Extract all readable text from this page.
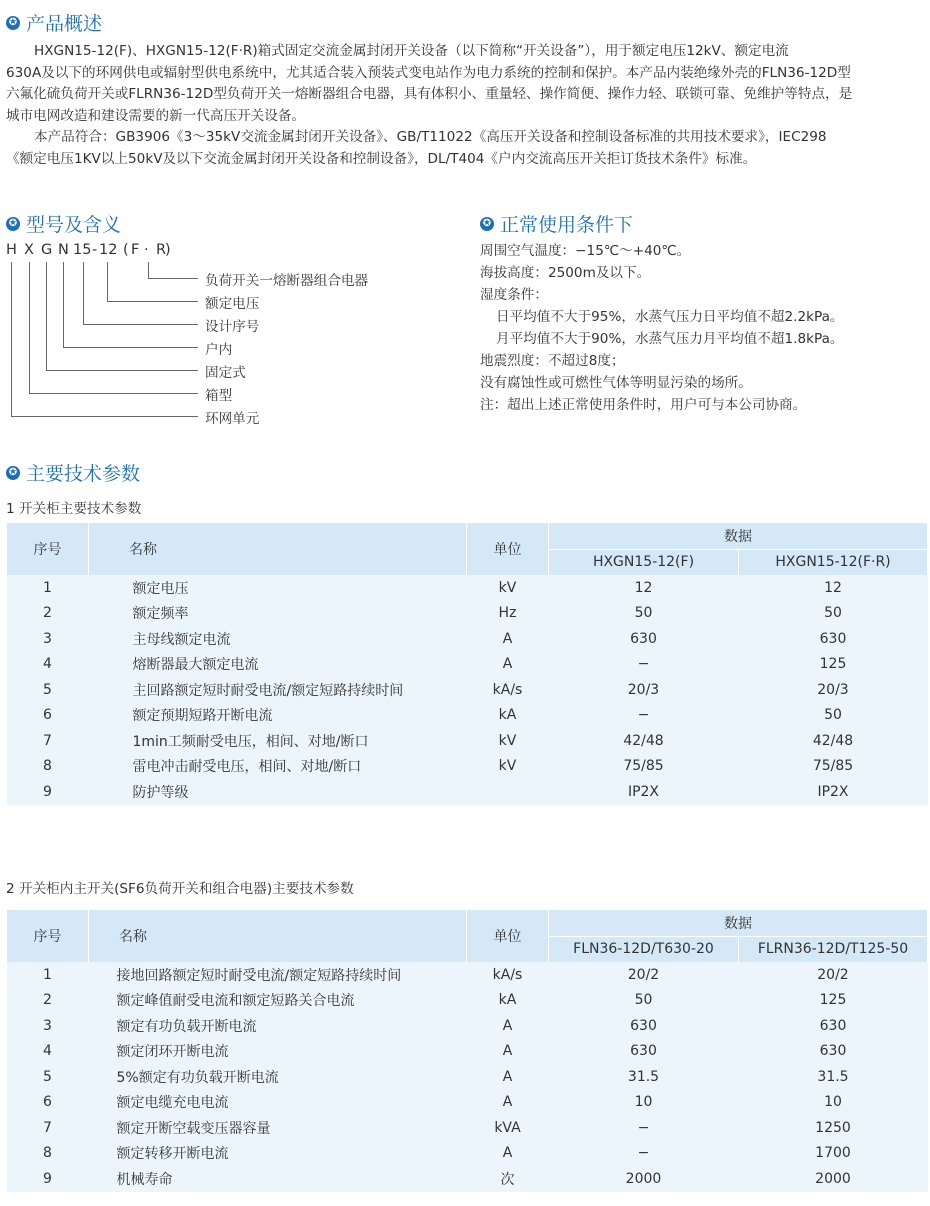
✪ 产品概述
HXGN15-12(F)、HXGN15-12(F·R)箱式固定交流金属封闭开关设备（以下简称“开关设备”），用于额定电压12kV、额定电流
630A及以下的环网供电或辐射型供电系统中，尤其适合装入预装式变电站作为电力系统的控制和保护。本产品内装绝缘外壳的FLN36-12D型
六氟化硫负荷开关或FLRN36-12D型负荷开关一熔断器组合电器，具有体积小、重量轻、操作简便、操作力轻、联锁可靠、免维护等特点，是
城市电网改造和建设需要的新一代高压开关设备。
本产品符合：GB3906《3～35kV交流金属封闭开关设备》、GB/T11022《高压开关设备和控制设备标准的共用技术要求》，IEC298
《额定电压1KV以上50kV及以下交流金属封闭开关设备和控制设备》，DL/T404《户内交流高压开关拒订货技术条件》标准。
✪ 型号及含义
H X G N 15 - 12 ( F · R
)
负荷开关一熔断器组合电器
额定电压
设计序号
户内
固定式
箱型
环网单元
✪ 正常使用条件下
周围空气温度：−15℃～+40℃。
海拔高度：2500m及以下。
湿度条件：
日平均值不大于95%，水蒸气压力日平均值不超2.2kPa。
月平均值不大于90%，水蒸气压力月平均值不超1.8kPa。
地震烈度：不超过8度；
没有腐蚀性或可燃性气体等明显污染的场所。
注：超出上述正常使用条件时，用户可与本公司协商。
✪ 主要技术参数
1 开关柜主要技术参数
序号	名称	单位	数据	
			HXGN15-12(F)	HXGN15-12(F·R)
1	额定电压	kV	12	12
2	额定频率	Hz	50	50
3	主母线额定电流	A	630	630
4	熔断器最大额定电流	A	−	125
5	主回路额定短时耐受电流/额定短路持续时间	kA/s	20/3	20/3
6	额定预期短路开断电流	kA	−	50
7	1min工频耐受电压，相间、对地/断口	kV	42/48	42/48
8	雷电冲击耐受电压，相间、对地/断口	kV	75/85	75/85
9	防护等级		IP2X	IP2X
2 开关柜内主开关(SF6负荷开关和组合电器)主要技术参数
序号	名称	单位	数据	
			FLN36-12D/T630-20	FLRN36-12D/T125-50
1	接地回路额定短时耐受电流/额定短路持续时间	kA/s	20/2	20/2
2	额定峰值耐受电流和额定短路关合电流	kA	50	125
3	额定有功负载开断电流	A	630	630
4	额定闭环开断电流	A	630	630
5	5%额定有功负载开断电流	A	31.5	31.5
6	额定电缆充电电流	A	10	10
7	额定开断空载变压器容量	kVA	−	1250
8	额定转移开断电流	A	−	1700
9	机械寿命	次	2000	2000
